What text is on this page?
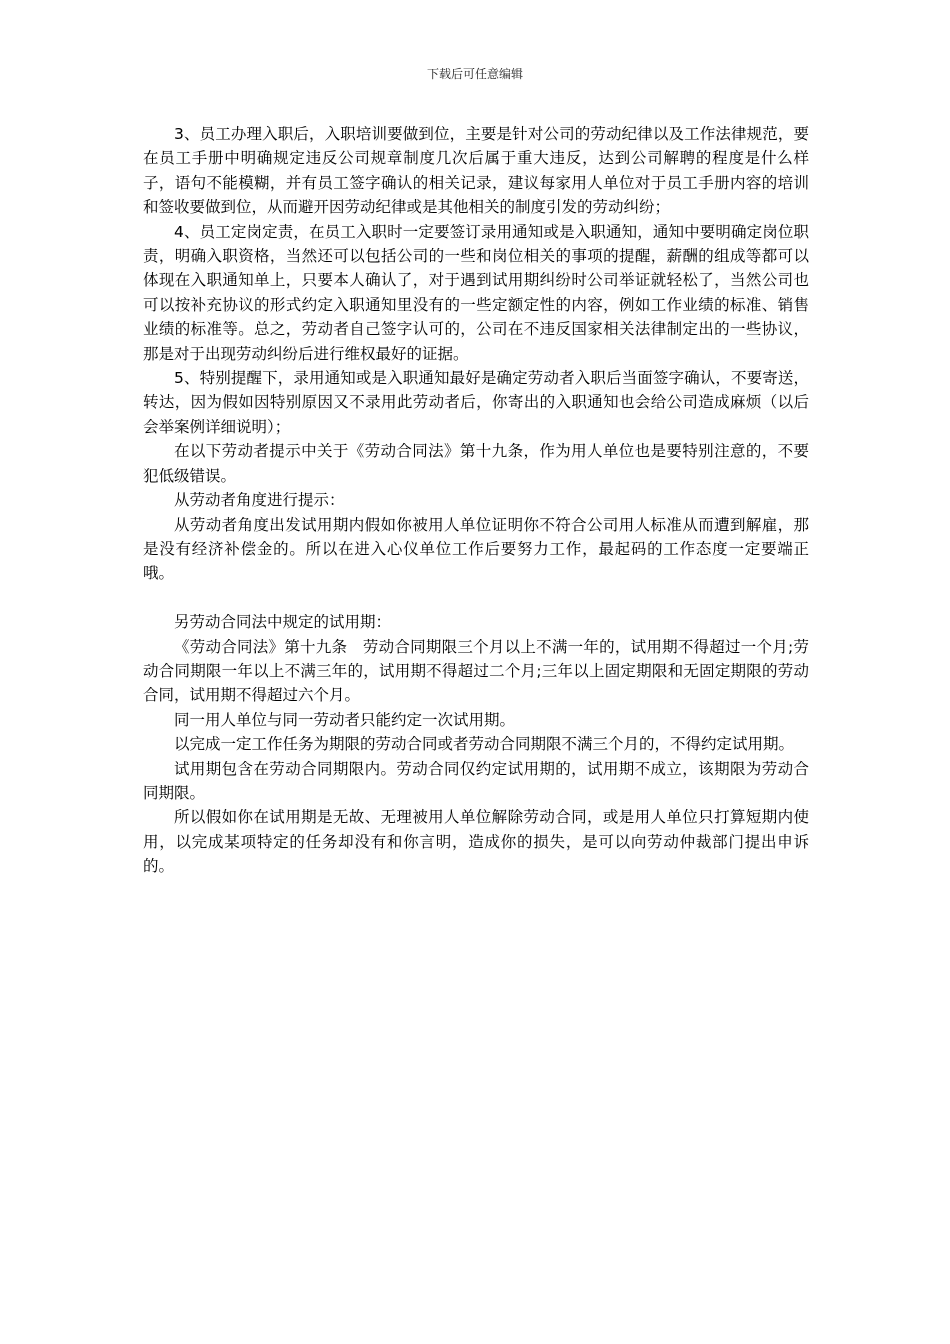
下载后可任意编辑

3、员工办理入职后，入职培训要做到位，主要是针对公司的劳动纪律以及工作法律规范，要在员工手册中明确规定违反公司规章制度几次后属于重大违反，达到公司解聘的程度是什么样子，语句不能模糊，并有员工签字确认的相关记录，建议每家用人单位对于员工手册内容的培训和签收要做到位，从而避开因劳动纪律或是其他相关的制度引发的劳动纠纷；

4、员工定岗定责，在员工入职时一定要签订录用通知或是入职通知，通知中要明确定岗位职责，明确入职资格，当然还可以包括公司的一些和岗位相关的事项的提醒，薪酬的组成等都可以体现在入职通知单上，只要本人确认了，对于遇到试用期纠纷时公司举证就轻松了，当然公司也可以按补充协议的形式约定入职通知里没有的一些定额定性的内容，例如工作业绩的标准、销售业绩的标准等。总之，劳动者自己签字认可的，公司在不违反国家相关法律制定出的一些协议，那是对于出现劳动纠纷后进行维权最好的证据。

5、特别提醒下，录用通知或是入职通知最好是确定劳动者入职后当面签字确认，不要寄送，转达，因为假如因特别原因又不录用此劳动者后，你寄出的入职通知也会给公司造成麻烦（以后会举案例详细说明）；

在以下劳动者提示中关于《劳动合同法》第十九条，作为用人单位也是要特别注意的，不要犯低级错误。

从劳动者角度进行提示：

从劳动者角度出发试用期内假如你被用人单位证明你不符合公司用人标准从而遭到解雇，那是没有经济补偿金的。所以在进入心仪单位工作后要努力工作，最起码的工作态度一定要端正哦。

另劳动合同法中规定的试用期：

《劳动合同法》第十九条　劳动合同期限三个月以上不满一年的，试用期不得超过一个月;劳动合同期限一年以上不满三年的，试用期不得超过二个月;三年以上固定期限和无固定期限的劳动合同，试用期不得超过六个月。

同一用人单位与同一劳动者只能约定一次试用期。

以完成一定工作任务为期限的劳动合同或者劳动合同期限不满三个月的，不得约定试用期。

试用期包含在劳动合同期限内。劳动合同仅约定试用期的，试用期不成立，该期限为劳动合同期限。

所以假如你在试用期是无故、无理被用人单位解除劳动合同，或是用人单位只打算短期内使用，以完成某项特定的任务却没有和你言明，造成你的损失，是可以向劳动仲裁部门提出申诉的。
